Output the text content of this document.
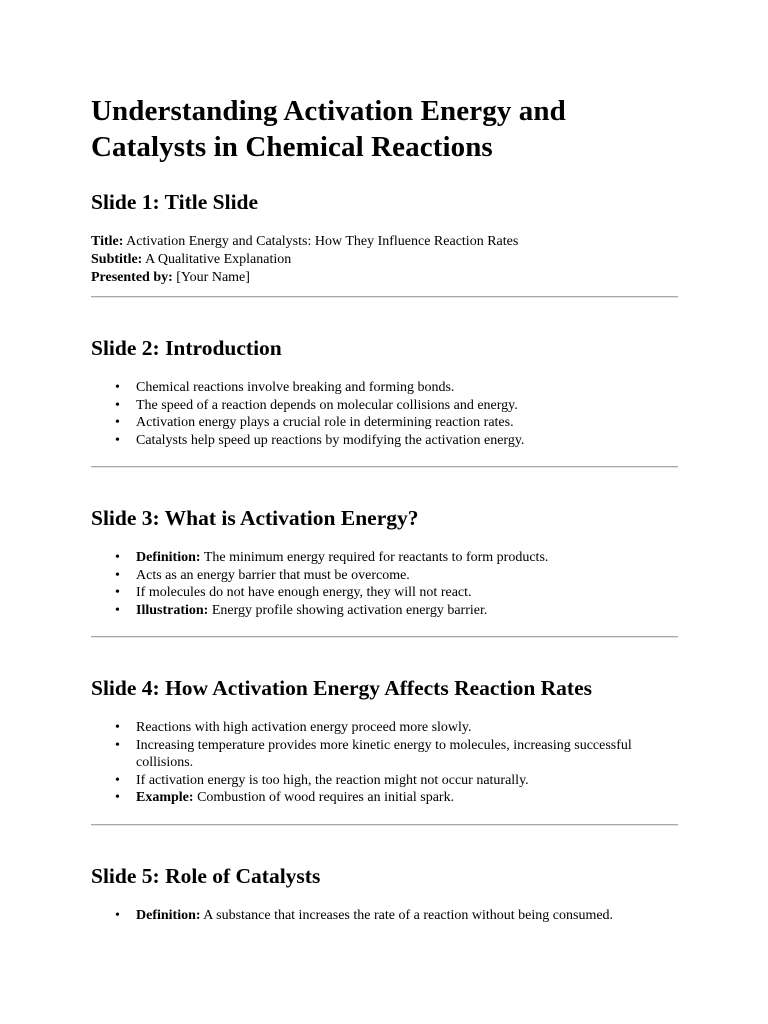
Understanding Activation Energy and Catalysts in Chemical Reactions
Slide 1: Title Slide
Title: Activation Energy and Catalysts: How They Influence Reaction Rates
Subtitle: A Qualitative Explanation
Presented by: [Your Name]
Slide 2: Introduction
• Chemical reactions involve breaking and forming bonds.
• The speed of a reaction depends on molecular collisions and energy.
• Activation energy plays a crucial role in determining reaction rates.
• Catalysts help speed up reactions by modifying the activation energy.
Slide 3: What is Activation Energy?
• Definition: The minimum energy required for reactants to form products.
• Acts as an energy barrier that must be overcome.
• If molecules do not have enough energy, they will not react.
• Illustration: Energy profile showing activation energy barrier.
Slide 4: How Activation Energy Affects Reaction Rates
• Reactions with high activation energy proceed more slowly.
• Increasing temperature provides more kinetic energy to molecules, increasing successful collisions.
• If activation energy is too high, the reaction might not occur naturally.
• Example: Combustion of wood requires an initial spark.
Slide 5: Role of Catalysts
• Definition: A substance that increases the rate of a reaction without being consumed.
